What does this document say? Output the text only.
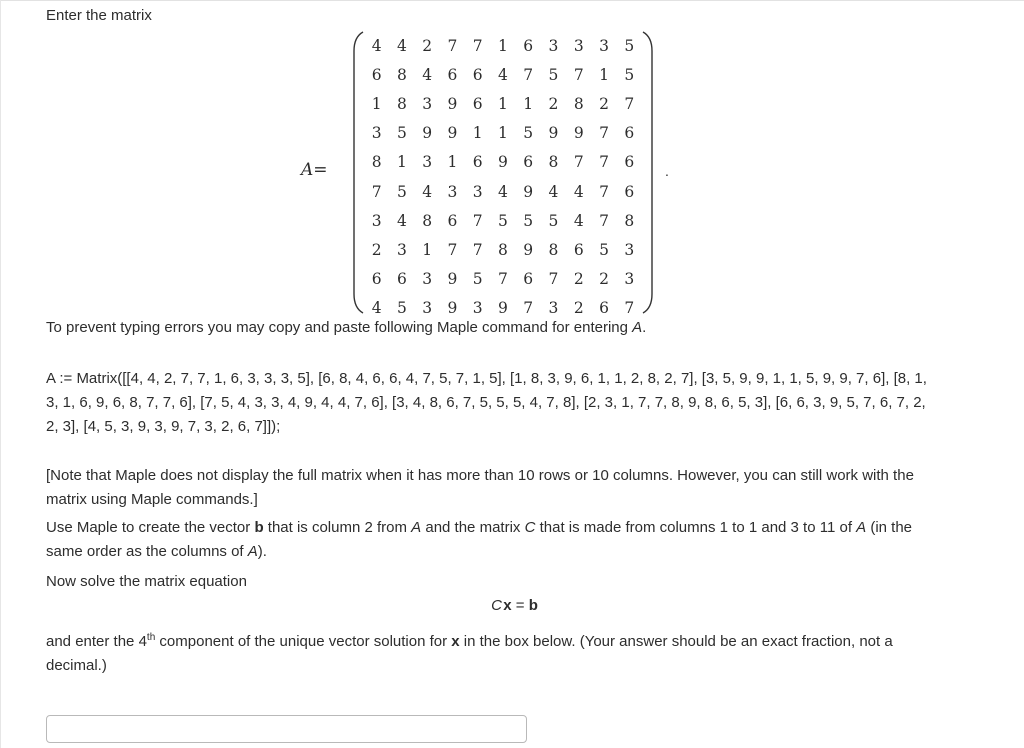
Enter the matrix
A=
4 4 2 7 7 1 6 3 3 3 5
6 8 4 6 6 4 7 5 7 1 5
1 8 3 9 6 1 1 2 8 2 7
3 5 9 9 1 1 5 9 9 7 6
8 1 3 1 6 9 6 8 7 7 6
7 5 4 3 3 4 9 4 4 7 6
3 4 8 6 7 5 5 5 4 7 8
2 3 1 7 7 8 9 8 6 5 3
6 6 3 9 5 7 6 7 2 2 3
4 5 3 9 3 9 7 3 2 6 7
.
To prevent typing errors you may copy and paste following Maple command for entering A.
A := Matrix([[4, 4, 2, 7, 7, 1, 6, 3, 3, 3, 5], [6, 8, 4, 6, 6, 4, 7, 5, 7, 1, 5], [1, 8, 3, 9, 6, 1, 1, 2, 8, 2, 7], [3, 5, 9, 9, 1, 1, 5, 9, 9, 7, 6], [8, 1, 3, 1, 6, 9, 6, 8, 7, 7, 6], [7, 5, 4, 3, 3, 4, 9, 4, 4, 7, 6], [3, 4, 8, 6, 7, 5, 5, 5, 4, 7, 8], [2, 3, 1, 7, 7, 8, 9, 8, 6, 5, 3], [6, 6, 3, 9, 5, 7, 6, 7, 2, 2, 3], [4, 5, 3, 9, 3, 9, 7, 3, 2, 6, 7]]);
[Note that Maple does not display the full matrix when it has more than 10 rows or 10 columns. However, you can still work with the matrix using Maple commands.]
Use Maple to create the vector b that is column 2 from A and the matrix C that is made from columns 1 to 1 and 3 to 11 of A (in the same order as the columns of A).
Now solve the matrix equation
C x = b
and enter the 4th component of the unique vector solution for x in the box below. (Your answer should be an exact fraction, not a decimal.)
